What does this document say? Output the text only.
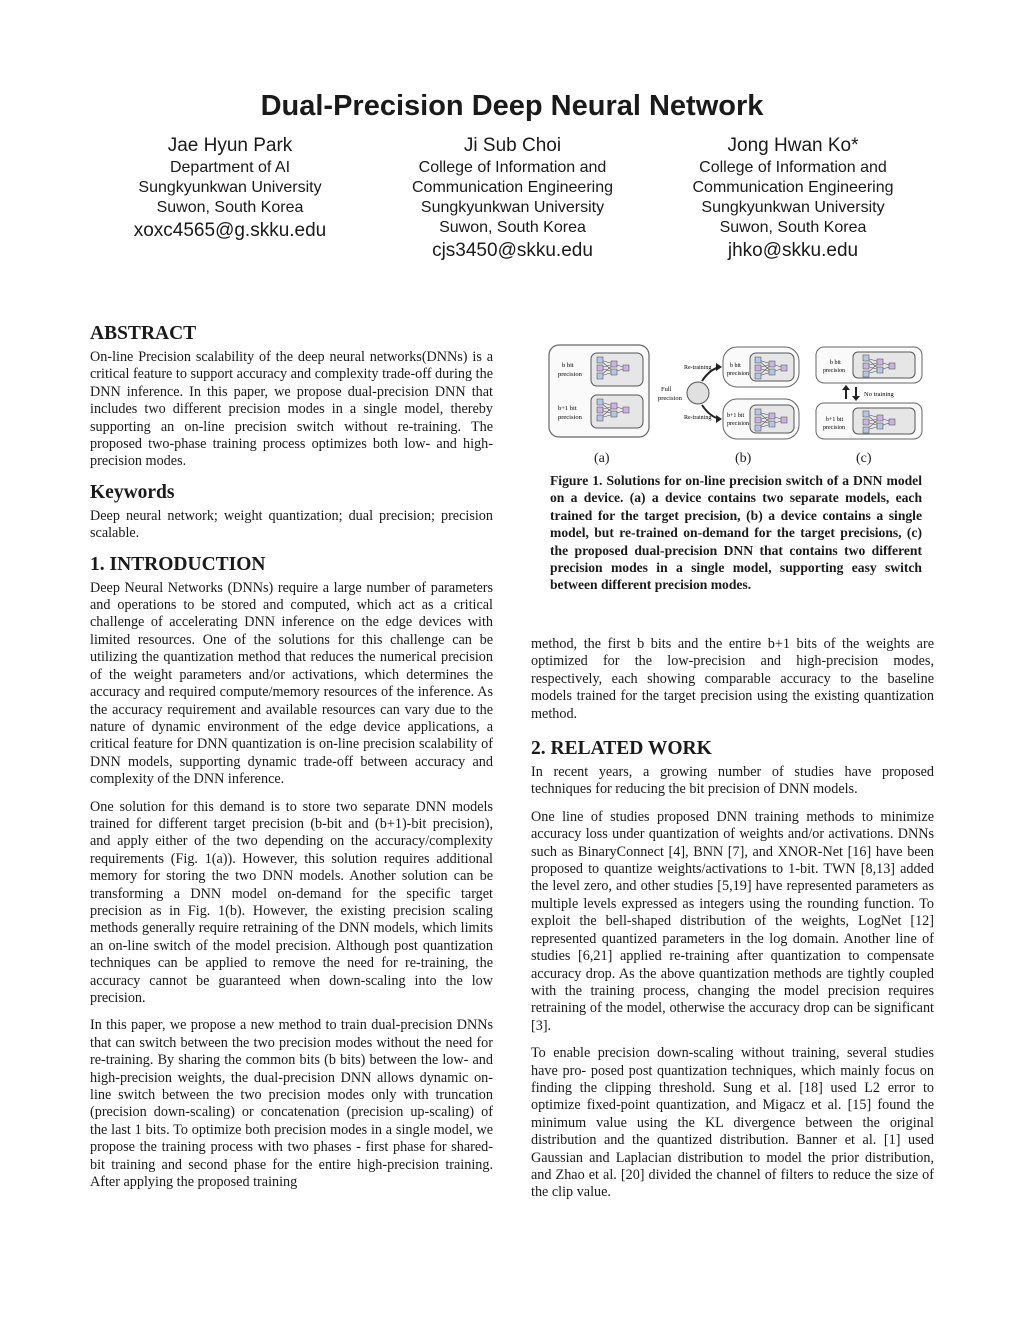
Dual-Precision Deep Neural Network
Jae Hyun Park
Department of AI
Sungkyunkwan University
Suwon, South Korea
xoxc4565@g.skku.edu
Ji Sub Choi
College of Information and
Communication Engineering
Sungkyunkwan University
Suwon, South Korea
cjs3450@skku.edu
Jong Hwan Ko*
College of Information and
Communication Engineering
Sungkyunkwan University
Suwon, South Korea
jhko@skku.edu
ABSTRACT

On-line Precision scalability of the deep neural networks(DNNs) is a critical feature to support accuracy and complexity trade-off during the DNN inference. In this paper, we propose dual-precision DNN that includes two different precision modes in a single model, thereby supporting an on-line precision switch without re-training. The proposed two-phase training process optimizes both low- and high-precision modes.

Keywords

Deep neural network; weight quantization; dual precision; precision scalable.

1. INTRODUCTION

Deep Neural Networks (DNNs) require a large number of parameters and operations to be stored and computed, which act as a critical challenge of accelerating DNN inference on the edge devices with limited resources. One of the solutions for this challenge can be utilizing the quantization method that reduces the numerical precision of the weight parameters and/or activations, which determines the accuracy and required compute/memory resources of the inference. As the accuracy requirement and available resources can vary due to the nature of dynamic environment of the edge device applications, a critical feature for DNN quantization is on-line precision scalability of DNN models, supporting dynamic trade-off between accuracy and complexity of the DNN inference.

One solution for this demand is to store two separate DNN models trained for different target precision (b-bit and (b+1)-bit precision), and apply either of the two depending on the accuracy/complexity requirements (Fig. 1(a)). However, this solution requires additional memory for storing the two DNN models. Another solution can be transforming a DNN model on-demand for the specific target precision as in Fig. 1(b). However, the existing precision scaling methods generally require retraining of the DNN models, which limits an on-line switch of the model precision. Although post quantization techniques can be applied to remove the need for re-training, the accuracy cannot be guaranteed when down-scaling into the low precision.

In this paper, we propose a new method to train dual-precision DNNs that can switch between the two precision modes without the need for re-training. By sharing the common bits (b bits) between the low- and high-precision weights, the dual-precision DNN allows dynamic on-line switch between the two precision modes only with truncation (precision down-scaling) or concatenation (precision up-scaling) of the last 1 bits. To optimize both precision modes in a single model, we propose the training process with two phases - first phase for shared-bit training and second phase for the entire high-precision training. After applying the proposed training

b bit
precision
b+1 bit
precision
Re-training
Full
precision
Re-training
b bit
precision
b+1 bit
precision
b bit
precision
b+1 bit
precision
No training
(a)	(b)	(c)
Figure 1. Solutions for on-line precision switch of a DNN model on a device. (a) a device contains two separate models, each trained for the target precision, (b) a device contains a single model, but re-trained on-demand for the target precisions, (c) the proposed dual-precision DNN that contains two different precision modes in a single model, supporting easy switch between different precision modes.

method, the first b bits and the entire b+1 bits of the weights are optimized for the low-precision and high-precision modes, respectively, each showing comparable accuracy to the baseline models trained for the target precision using the existing quantization method.

2. RELATED WORK

In recent years, a growing number of studies have proposed techniques for reducing the bit precision of DNN models.

One line of studies proposed DNN training methods to minimize accuracy loss under quantization of weights and/or activations. DNNs such as BinaryConnect [4], BNN [7], and XNOR-Net [16] have been proposed to quantize weights/activations to 1-bit. TWN [8,13] added the level zero, and other studies [5,19] have represented parameters as multiple levels expressed as integers using the rounding function. To exploit the bell-shaped distribution of the weights, LogNet [12] represented quantized parameters in the log domain. Another line of studies [6,21] applied re-training after quantization to compensate accuracy drop. As the above quantization methods are tightly coupled with the training process, changing the model precision requires retraining of the model, otherwise the accuracy drop can be significant [3].

To enable precision down-scaling without training, several studies have pro- posed post quantization techniques, which mainly focus on finding the clipping threshold. Sung et al. [18] used L2 error to optimize fixed-point quantization, and Migacz et al. [15] found the minimum value using the KL divergence between the original distribution and the quantized distribution. Banner et al. [1] used Gaussian and Laplacian distribution to model the prior distribution, and Zhao et al. [20] divided the channel of filters to reduce the size of the clip value.
